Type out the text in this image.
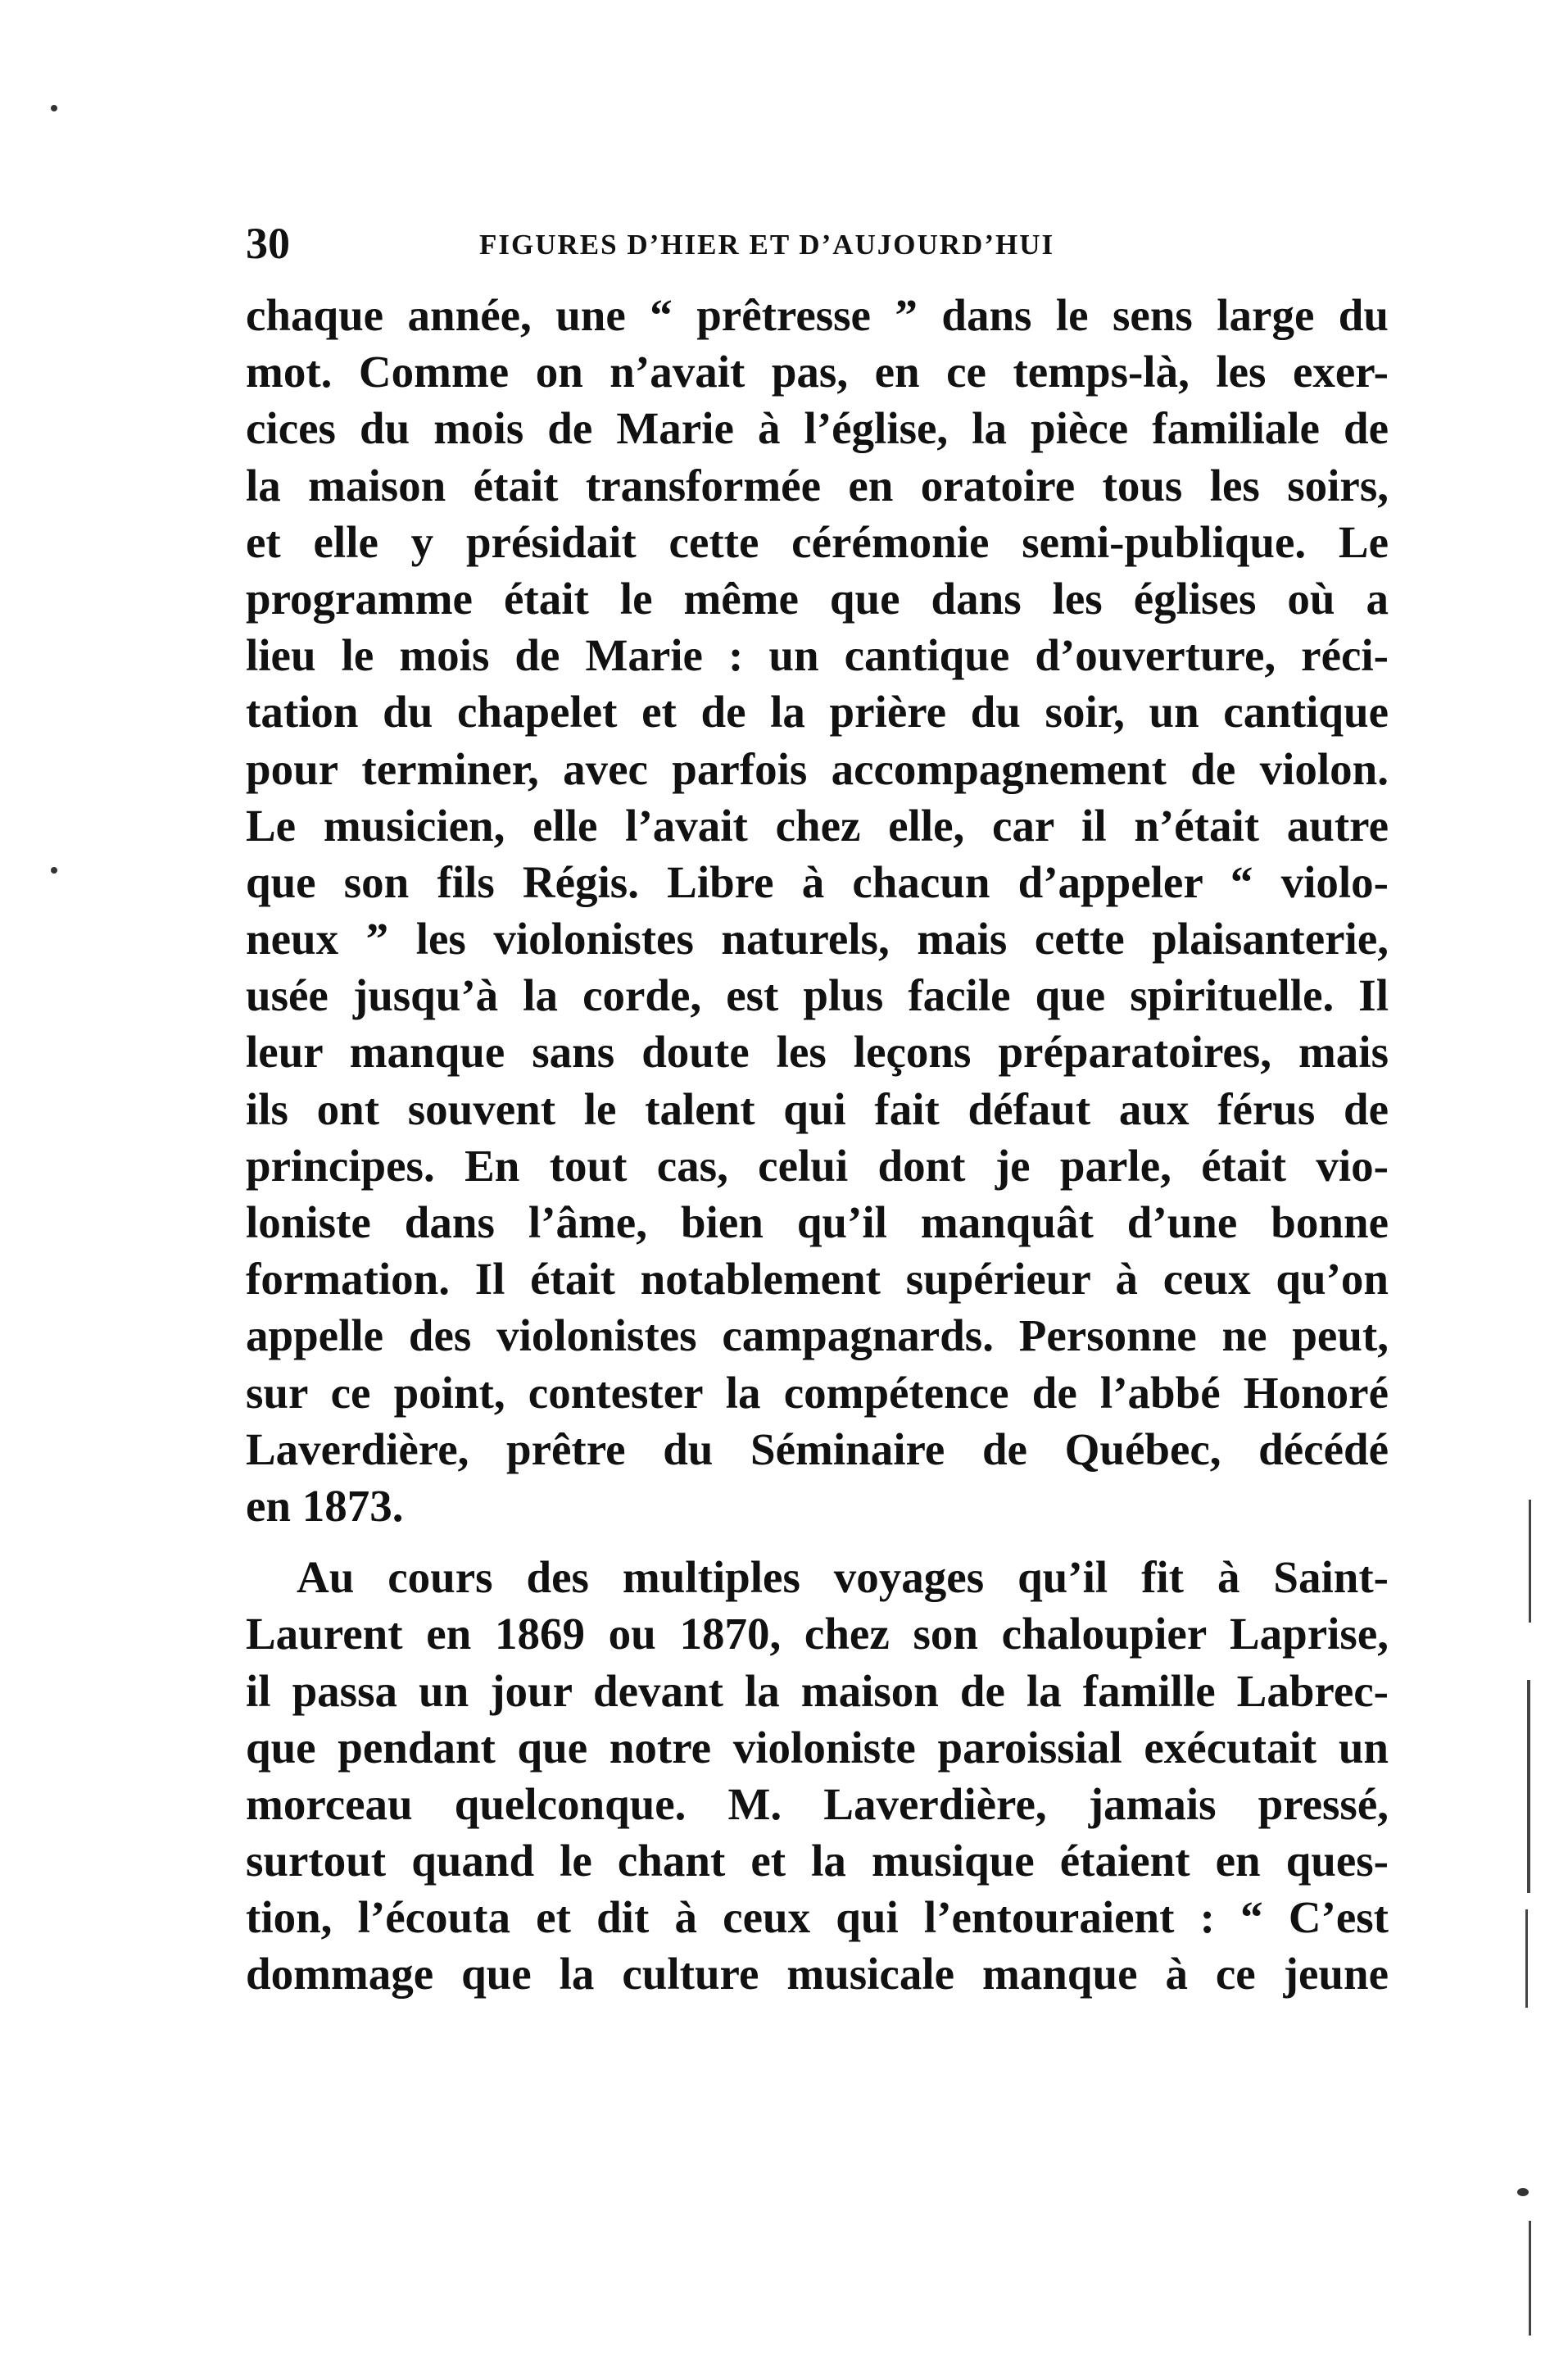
30	FIGURES D’HIER ET D’AUJOURD’HUI
chaque année, une “ prêtresse ” dans le sens large du
mot. Comme on n’avait pas, en ce temps-là, les exer-
cices du mois de Marie à l’église, la pièce familiale de
la maison était transformée en oratoire tous les soirs,
et elle y présidait cette cérémonie semi-publique. Le
programme était le même que dans les églises où a
lieu le mois de Marie : un cantique d’ouverture, réci-
tation du chapelet et de la prière du soir, un cantique
pour terminer, avec parfois accompagnement de violon.
Le musicien, elle l’avait chez elle, car il n’était autre
que son fils Régis. Libre à chacun d’appeler “ violo-
neux ” les violonistes naturels, mais cette plaisanterie,
usée jusqu’à la corde, est plus facile que spirituelle. Il
leur manque sans doute les leçons préparatoires, mais
ils ont souvent le talent qui fait défaut aux férus de
principes. En tout cas, celui dont je parle, était vio-
loniste dans l’âme, bien qu’il manquât d’une bonne
formation. Il était notablement supérieur à ceux qu’on
appelle des violonistes campagnards. Personne ne peut,
sur ce point, contester la compétence de l’abbé Honoré
Laverdière, prêtre du Séminaire de Québec, décédé
en 1873.
Au cours des multiples voyages qu’il fit à Saint-
Laurent en 1869 ou 1870, chez son chaloupier Laprise,
il passa un jour devant la maison de la famille Labrec-
que pendant que notre violoniste paroissial exécutait un
morceau quelconque. M. Laverdière, jamais pressé,
surtout quand le chant et la musique étaient en ques-
tion, l’écouta et dit à ceux qui l’entouraient : “ C’est
dommage que la culture musicale manque à ce jeune
